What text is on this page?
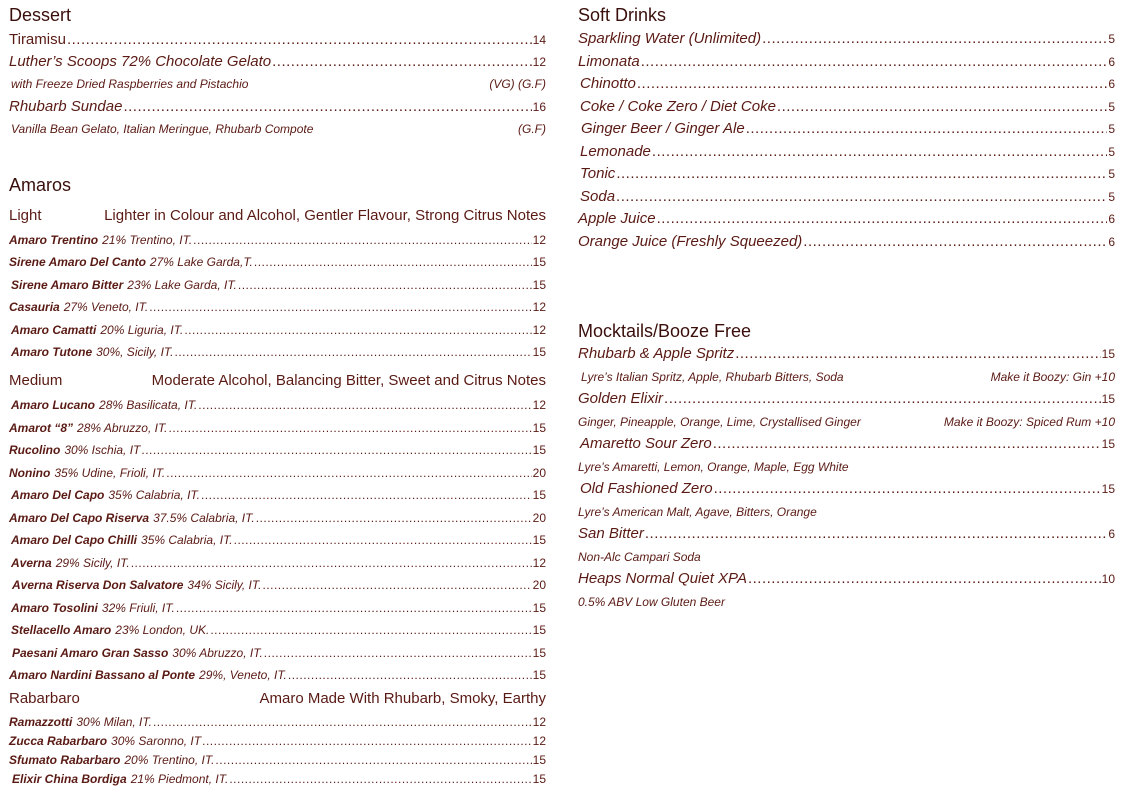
Dessert
Tiramisu .....	14
Luther’s Scoops 72% Chocolate Gelato .....	12
with Freeze Dried Raspberries and Pistachio	(VG) (G.F)
Rhubarb Sundae .....	16
Vanilla Bean Gelato, Italian Meringue, Rhubarb Compote	(G.F)
Amaros
Light	Lighter in Colour and Alcohol, Gentler Flavour, Strong Citrus Notes
Amaro Trentino 21% Trentino, IT. .....	12
Sirene Amaro Del Canto 27% Lake Garda,T. .....	15
Sirene Amaro Bitter 23% Lake Garda, IT. .....	15
Casauria 27% Veneto, IT. .....	12
Amaro Camatti 20% Liguria, IT. .....	12
Amaro Tutone 30%, Sicily, IT. .....	15
Medium	Moderate Alcohol, Balancing Bitter, Sweet and Citrus Notes
Amaro Lucano 28% Basilicata, IT. .....	12
Amarot “8” 28% Abruzzo, IT. .....	15
Rucolino 30% Ischia, IT .....	15
Nonino 35% Udine, Frioli, IT. .....	20
Amaro Del Capo 35% Calabria, IT. .....	15
Amaro Del Capo Riserva 37.5% Calabria, IT. .....	20
Amaro Del Capo Chilli 35% Calabria, IT. .....	15
Averna 29% Sicily, IT. .....	12
Averna Riserva Don Salvatore 34% Sicily, IT. .....	20
Amaro Tosolini 32% Friuli, IT. .....	15
Stellacello Amaro 23% London, UK. .....	15
Paesani Amaro Gran Sasso 30% Abruzzo, IT. .....	15
Amaro Nardini Bassano al Ponte 29%, Veneto, IT. .....	15
Rabarbaro	Amaro Made With Rhubarb, Smoky, Earthy
Ramazzotti 30% Milan, IT. .....	12
Zucca Rabarbaro 30% Saronno, IT .....	12
Sfumato Rabarbaro 20% Trentino, IT. .....	15
Elixir China Bordiga 21% Piedmont, IT. .....	15
Soft Drinks
Sparkling Water (Unlimited) .....	5
Limonata .....	6
Chinotto .....	6
Coke / Coke Zero / Diet Coke .....	5
Ginger Beer / Ginger Ale .....	5
Lemonade .....	5
Tonic .....	5
Soda .....	5
Apple Juice .....	6
Orange Juice (Freshly Squeezed) .....	6
Mocktails/Booze Free
Rhubarb & Apple Spritz .....	15
Lyre’s Italian Spritz, Apple, Rhubarb Bitters, Soda	Make it Boozy: Gin +10
Golden Elixir .....	15
Ginger, Pineapple, Orange, Lime, Crystallised Ginger	Make it Boozy: Spiced Rum +10
Amaretto Sour Zero .....	15
Lyre’s Amaretti, Lemon, Orange, Maple, Egg White
Old Fashioned Zero .....	15
Lyre’s American Malt, Agave, Bitters, Orange
San Bitter .....	6
Non-Alc Campari Soda
Heaps Normal Quiet XPA .....	10
0.5% ABV Low Gluten Beer
